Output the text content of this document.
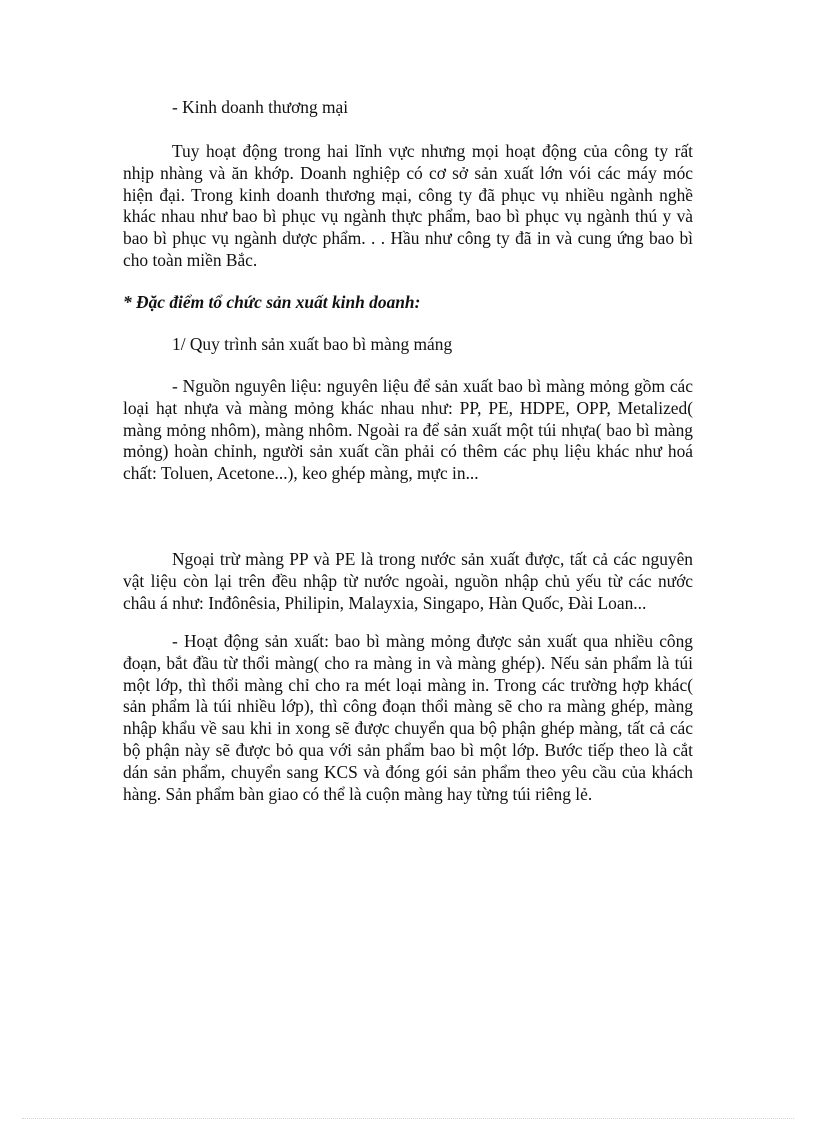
- Kinh doanh thương mại

Tuy hoạt động trong hai lĩnh vực nhưng mọi hoạt động của công ty rất nhịp nhàng và ăn khớp. Doanh nghiệp có cơ sở sản xuất lớn vói các máy móc hiện đại. Trong kinh doanh thương mại, công ty đã phục vụ nhiều ngành nghề khác nhau như bao bì phục vụ ngành thực phẩm, bao bì phục vụ ngành thú y và bao bì phục vụ ngành dược phẩm. . . Hầu như công ty đã in và cung ứng bao bì cho toàn miền Bắc.

* Đặc điểm tổ chức sản xuất kinh doanh:

1/ Quy trình sản xuất bao bì màng máng

- Nguồn nguyên liệu: nguyên liệu để sản xuất bao bì màng mỏng gồm các loại hạt nhựa và màng mỏng khác nhau như: PP, PE, HDPE, OPP, Metalized( màng mỏng nhôm), màng nhôm. Ngoài ra để sản xuất một túi nhựa( bao bì màng mỏng) hoàn chỉnh, người sản xuất cần phải có thêm các phụ liệu khác như hoá chất: Toluen, Acetone...), keo ghép màng, mực in...

Ngoại trừ màng PP và PE là trong nước sản xuất được, tất cả các nguyên vật liệu còn lại trên đều nhập từ nước ngoài, nguồn nhập chủ yếu từ các nước châu á như: Inđônêsia, Philipin, Malayxia, Singapo, Hàn Quốc, Đài Loan...

- Hoạt động sản xuất: bao bì màng mỏng được sản xuất qua nhiều công đoạn, bắt đầu từ thổi màng( cho ra màng in và màng ghép). Nếu sản phẩm là túi một lớp, thì thổi màng chỉ cho ra mét loại màng in. Trong các trường hợp khác( sản phẩm là túi nhiều lớp), thì công đoạn thổi màng sẽ cho ra màng ghép, màng nhập khẩu về sau khi in xong sẽ được chuyển qua bộ phận ghép màng, tất cả các bộ phận này sẽ được bỏ qua với sản phẩm bao bì một lớp. Bước tiếp theo là cắt dán sản phẩm, chuyển sang KCS và đóng gói sản phẩm theo yêu cầu của khách hàng. Sản phẩm bàn giao có thể là cuộn màng hay từng túi riêng lẻ.
